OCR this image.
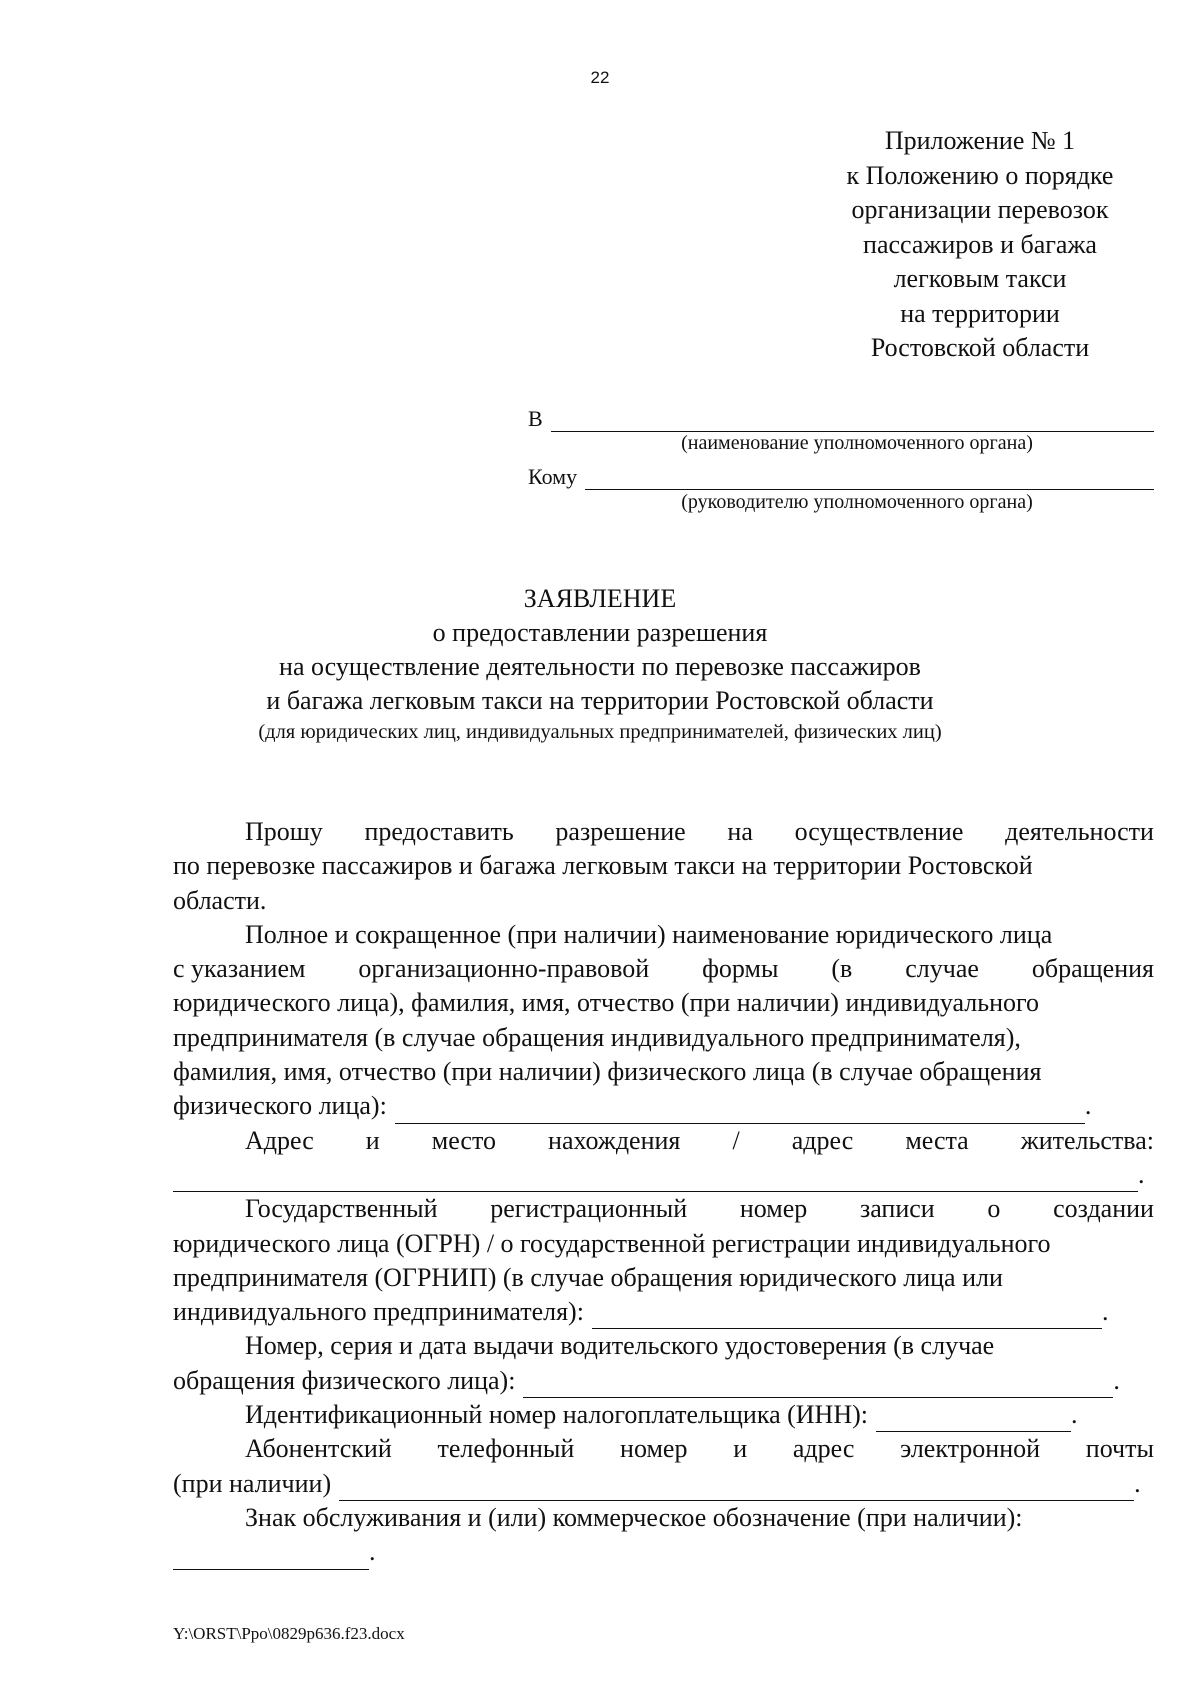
22
Приложение № 1
к Положению о порядке
организации перевозок
пассажиров и багажа
легковым такси
на территории
Ростовской области
В
(наименование уполномоченного органа)
Кому
(руководителю уполномоченного органа)
ЗАЯВЛЕНИЕ
о предоставлении разрешения
на осуществление деятельности по перевозке пассажиров
и багажа легковым такси на территории Ростовской области
(для юридических лиц, индивидуальных предпринимателей, физических лиц)
Прошу предоставить разрешение на осуществление деятельности
по перевозке пассажиров и багажа легковым такси на территории Ростовской
области.
Полное и сокращенное (при наличии) наименование юридического лица
с указанием организационно-правовой формы (в случае обращения
юридического лица), фамилия, имя, отчество (при наличии) индивидуального
предпринимателя (в случае обращения индивидуального предпринимателя),
фамилия, имя, отчество (при наличии) физического лица (в случае обращения
физического лица):	.
Адрес и место нахождения / адрес места жительства:
.
Государственный регистрационный номер записи о создании
юридического лица (ОГРН) / о государственной регистрации индивидуального
предпринимателя (ОГРНИП) (в случае обращения юридического лица или
индивидуального предпринимателя):	.
Номер, серия и дата выдачи водительского удостоверения (в случае
обращения физического лица):	.
Идентификационный номер налогоплательщика (ИНН):	.
Абонентский телефонный номер и адрес электронной почты
(при наличии)	.
Знак обслуживания и (или) коммерческое обозначение (при наличии):
.
Y:\ORST\Ppo\0829p636.f23.docx
